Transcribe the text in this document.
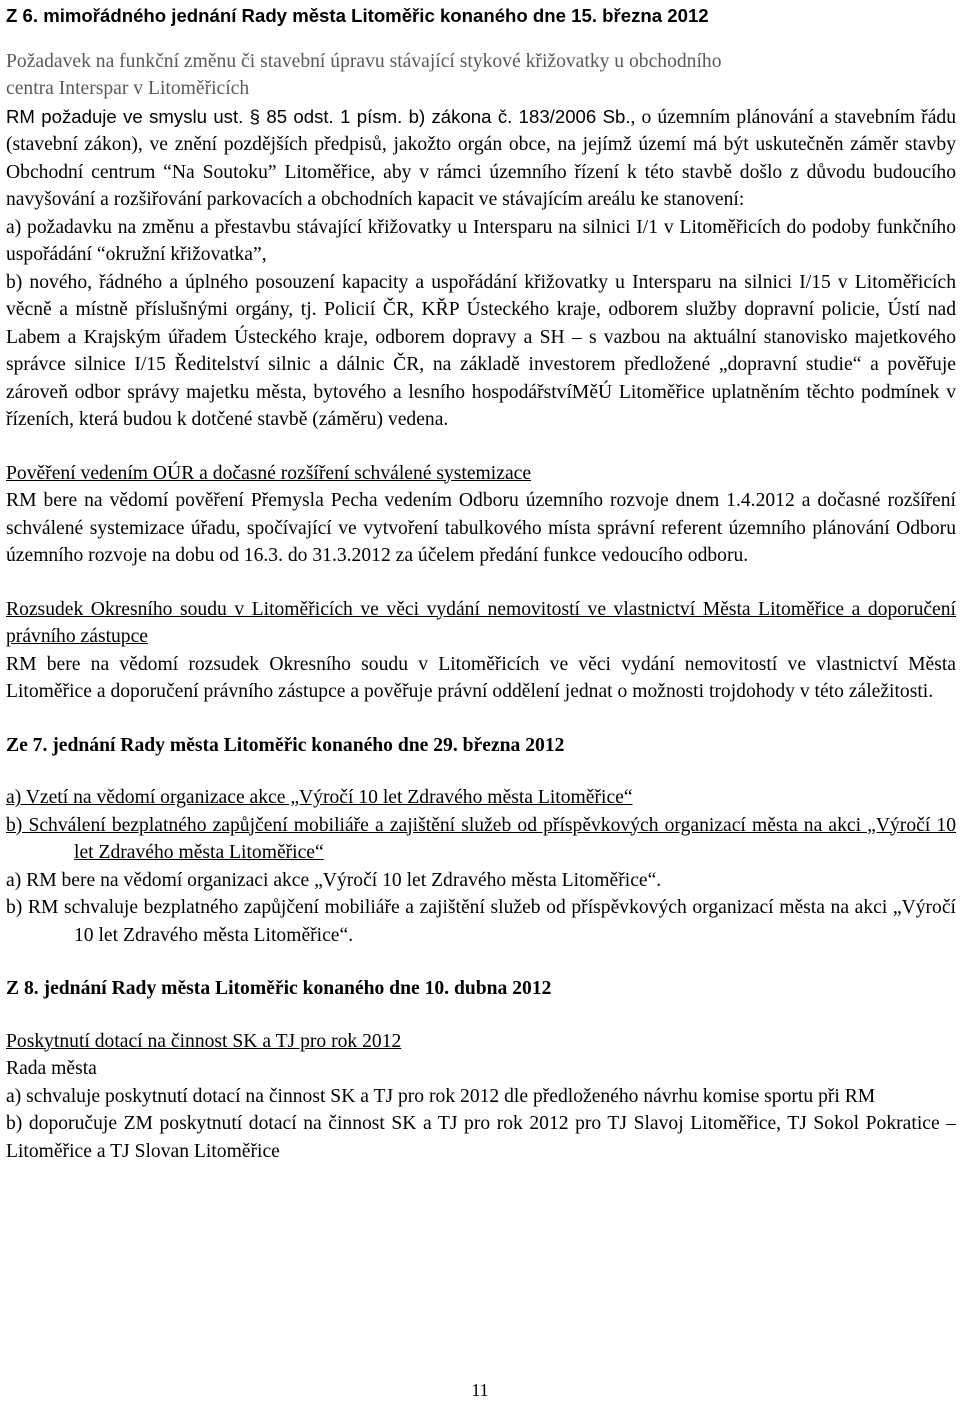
Z 6. mimořádného jednání Rady města Litoměřic konaného dne 15. března 2012

Požadavek na funkční změnu či stavební úpravu stávající stykové křižovatky u obchodního

centra Interspar v Litoměřicích

RM požaduje ve smyslu ust. § 85 odst. 1 písm. b) zákona č. 183/2006 Sb., o územním plánování a stavebním řádu (stavební zákon), ve znění pozdějších předpisů, jakožto orgán obce, na jejímž území má být uskutečněn záměr stavby Obchodní centrum “Na Soutoku” Litoměřice, aby v rámci územního řízení k této stavbě došlo z důvodu budoucího navyšování a rozšiřování parkovacích a obchodních kapacit ve stávajícím areálu ke stanovení:

a) požadavku na změnu a přestavbu stávající křižovatky u Intersparu na silnici I/1 v Litoměřicích do podoby funkčního uspořádání “okružní křižovatka”,

b) nového, řádného a úplného posouzení kapacity a uspořádání křižovatky u Intersparu na silnici I/15 v Litoměřicích věcně a místně příslušnými orgány, tj. Policií ČR, KŘP Ústeckého kraje, odborem služby dopravní policie, Ústí nad Labem a Krajským úřadem Ústeckého kraje, odborem dopravy a SH – s vazbou na aktuální stanovisko majetkového správce silnice I/15 Ředitelství silnic a dálnic ČR, na základě investorem předložené „dopravní studie“ a pověřuje zároveň odbor správy majetku města, bytového a lesního hospodářstvíMěÚ Litoměřice uplatněním těchto podmínek v řízeních, která budou k dotčené stavbě (záměru) vedena.

Pověření vedením OÚR a dočasné rozšíření schválené systemizace

RM bere na vědomí pověření Přemysla Pecha vedením Odboru územního rozvoje dnem 1.4.2012 a dočasné rozšíření schválené systemizace úřadu, spočívající ve vytvoření tabulkového místa správní referent územního plánování Odboru územního rozvoje na dobu od 16.3. do 31.3.2012 za účelem předání funkce vedoucího odboru.

Rozsudek Okresního soudu v Litoměřicích ve věci vydání nemovitostí ve vlastnictví Města Litoměřice a doporučení právního zástupce

RM bere na vědomí rozsudek Okresního soudu v Litoměřicích ve věci vydání nemovitostí ve vlastnictví Města Litoměřice a doporučení právního zástupce a pověřuje právní oddělení jednat o možnosti trojdohody v této záležitosti.

Ze 7. jednání Rady města Litoměřic konaného dne 29. března 2012

a) Vzetí na vědomí organizace akce „Výročí 10 let Zdravého města Litoměřice“

b) Schválení bezplatného zapůjčení mobiliáře a zajištění služeb od příspěvkových organizací města na akci „Výročí 10 let Zdravého města Litoměřice“

a) RM bere na vědomí organizaci akce „Výročí 10 let Zdravého města Litoměřice“.

b) RM schvaluje bezplatného zapůjčení mobiliáře a zajištění služeb od příspěvkových organizací města na akci „Výročí 10 let Zdravého města Litoměřice“.

Z 8. jednání Rady města Litoměřic konaného dne 10. dubna 2012

Poskytnutí dotací na činnost SK a TJ pro rok 2012

Rada města

a) schvaluje poskytnutí dotací na činnost SK a TJ pro rok 2012 dle předloženého návrhu komise sportu při RM

b) doporučuje ZM poskytnutí dotací na činnost SK a TJ pro rok 2012 pro TJ Slavoj Litoměřice, TJ Sokol Pokratice – Litoměřice a TJ Slovan Litoměřice

11
